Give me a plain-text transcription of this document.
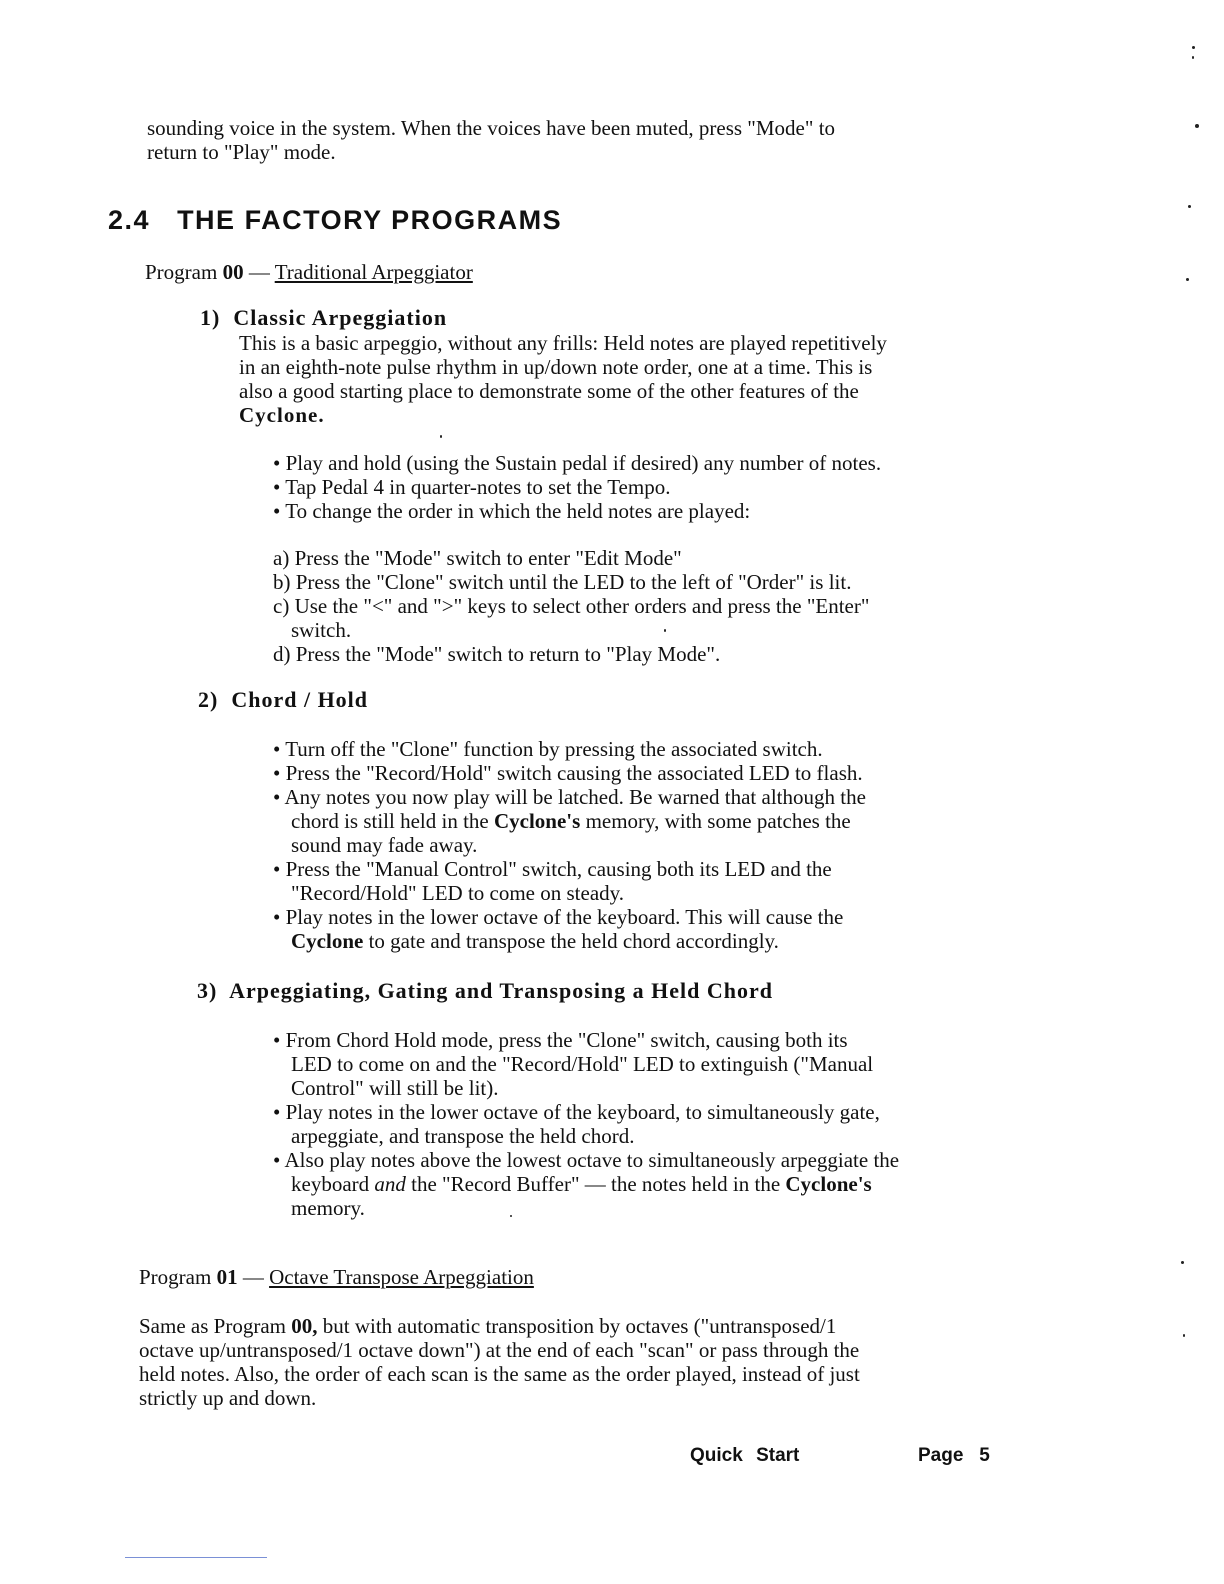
sounding voice in the system. When the voices have been muted, press "Mode" to
return to "Play" mode.
2.4 THE FACTORY PROGRAMS
Program 00 — Traditional Arpeggiator
1) Classic Arpeggiation
This is a basic arpeggio, without any frills: Held notes are played repetitively
in an eighth-note pulse rhythm in up/down note order, one at a time. This is
also a good starting place to demonstrate some of the other features of the
Cyclone.
• Play and hold (using the Sustain pedal if desired) any number of notes.
• Tap Pedal 4 in quarter-notes to set the Tempo.
• To change the order in which the held notes are played:
a) Press the "Mode" switch to enter "Edit Mode"
b) Press the "Clone" switch until the LED to the left of "Order" is lit.
c) Use the "<" and ">" keys to select other orders and press the "Enter"
switch.
d) Press the "Mode" switch to return to "Play Mode".
2) Chord / Hold
• Turn off the "Clone" function by pressing the associated switch.
• Press the "Record/Hold" switch causing the associated LED to flash.
• Any notes you now play will be latched. Be warned that although the
chord is still held in the Cyclone's memory, with some patches the
sound may fade away.
• Press the "Manual Control" switch, causing both its LED and the
"Record/Hold" LED to come on steady.
• Play notes in the lower octave of the keyboard. This will cause the
Cyclone to gate and transpose the held chord accordingly.
3) Arpeggiating, Gating and Transposing a Held Chord
• From Chord Hold mode, press the "Clone" switch, causing both its
LED to come on and the "Record/Hold" LED to extinguish ("Manual
Control" will still be lit).
• Play notes in the lower octave of the keyboard, to simultaneously gate,
arpeggiate, and transpose the held chord.
• Also play notes above the lowest octave to simultaneously arpeggiate the
keyboard and the "Record Buffer" — the notes held in the Cyclone's
memory.
Program 01 — Octave Transpose Arpeggiation
Same as Program 00, but with automatic transposition by octaves ("untransposed/1
octave up/untransposed/1 octave down") at the end of each "scan" or pass through the
held notes. Also, the order of each scan is the same as the order played, instead of just
strictly up and down.
Quick Start	Page 5
